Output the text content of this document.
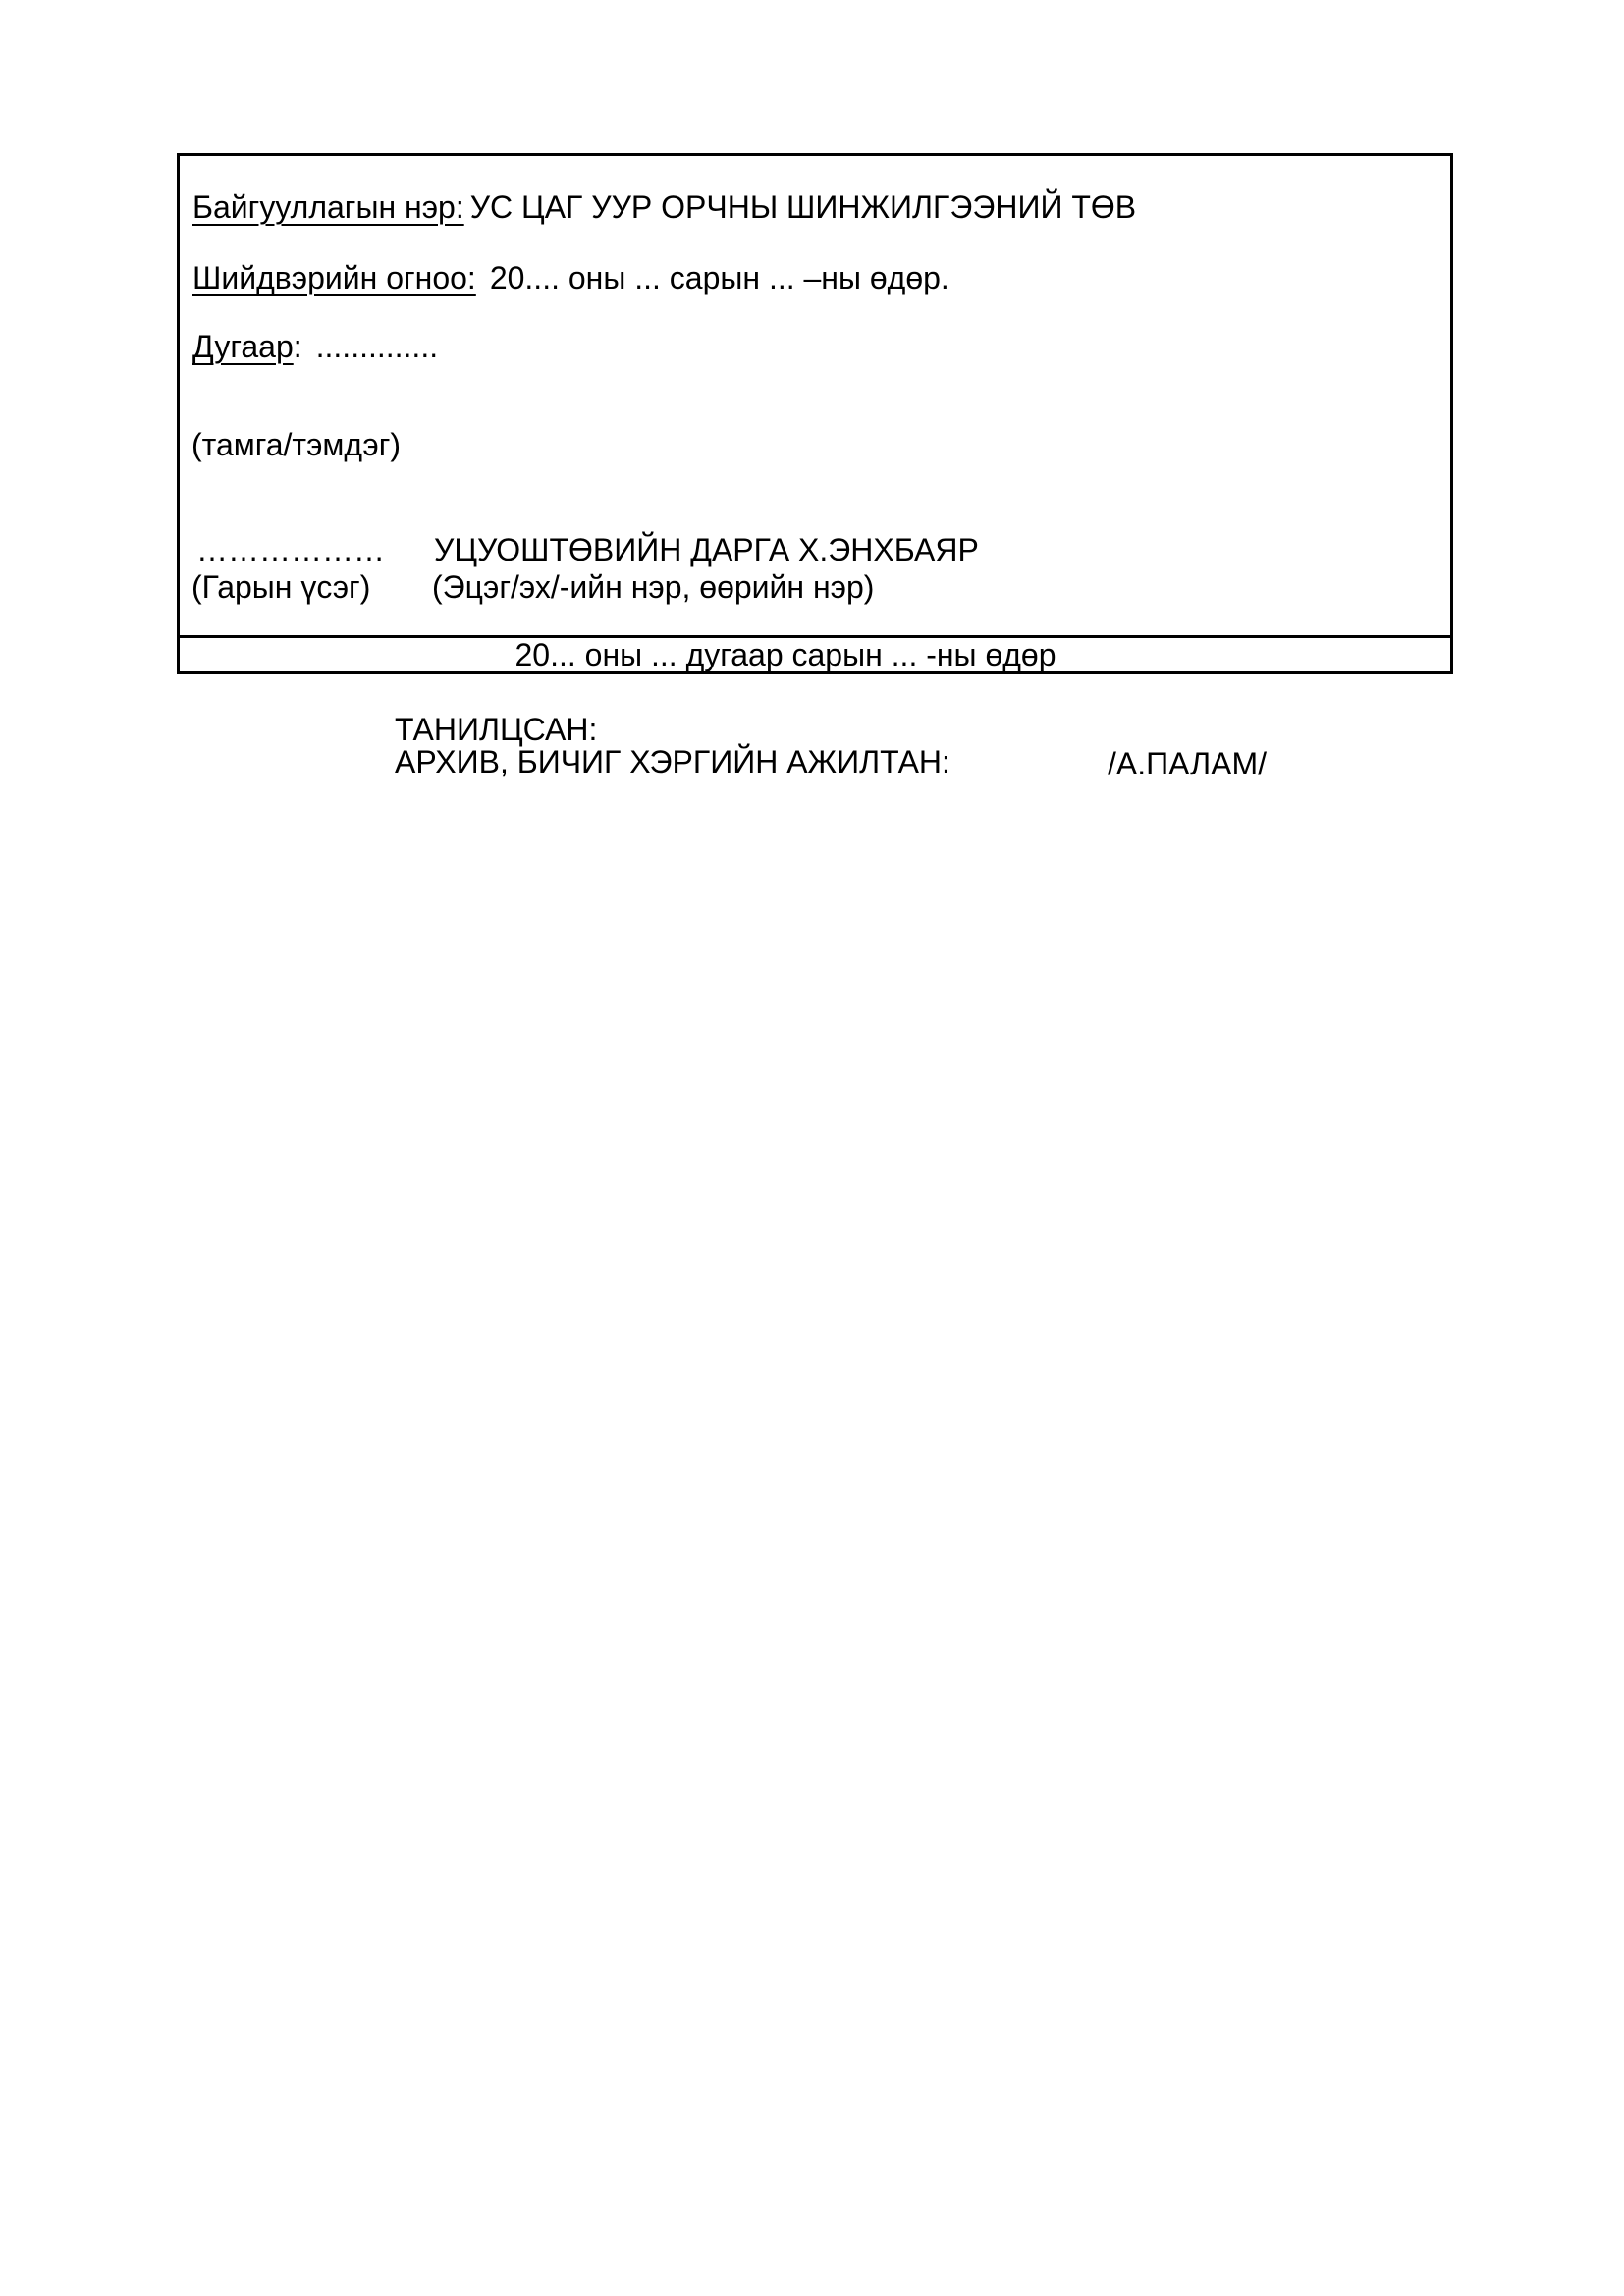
Байгууллагын нэр: УС ЦАГ УУР ОРЧНЫ ШИНЖИЛГЭЭНИЙ ТӨВ
Шийдвэрийн огноо: 20.... оны ... сарын ... –ны өдөр.
Дугаар: ..............
(тамга/тэмдэг)
……………… УЦУОШТӨВИЙН ДАРГА Х.ЭНХБАЯР
(Гарын үсэг) (Эцэг/эх/-ийн нэр, өөрийн нэр)
20... оны ... дугаар сарын ... -ны өдөр
ТАНИЛЦСАН:
АРХИВ, БИЧИГ ХЭРГИЙН АЖИЛТАН:	/А.ПАЛАМ/
